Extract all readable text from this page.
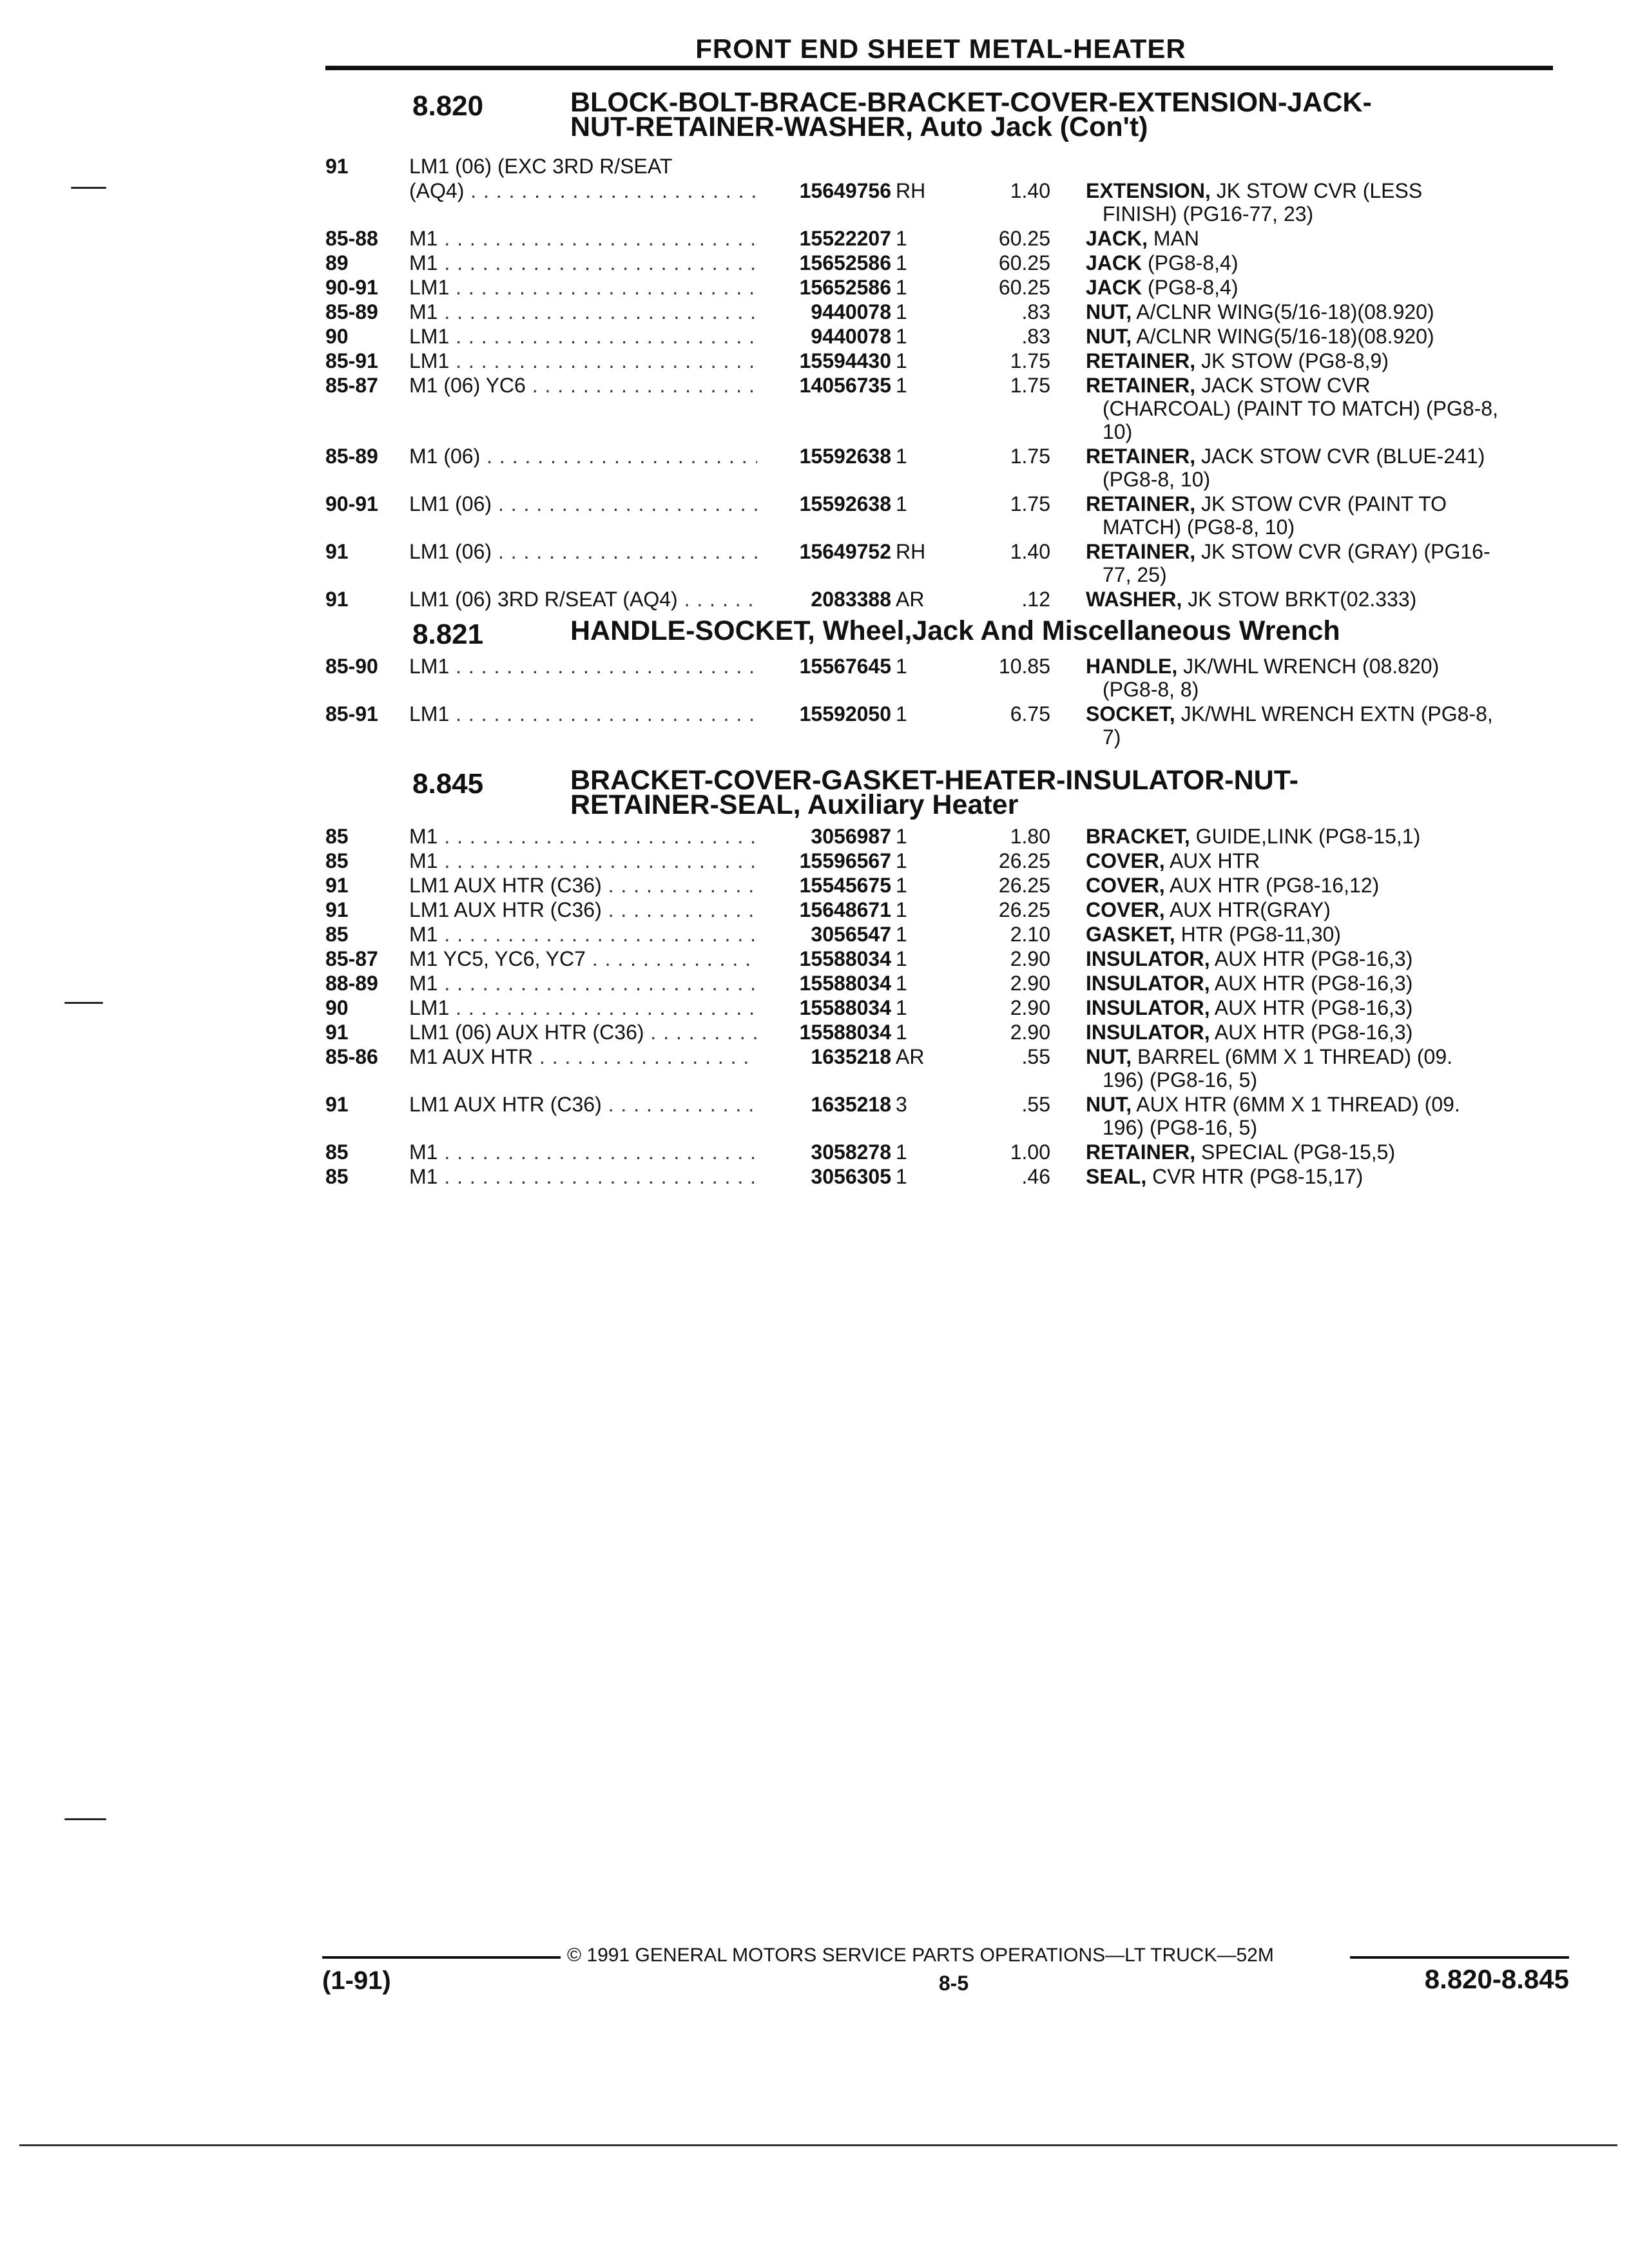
FRONT END SHEET METAL-HEATER
8.820	BLOCK-BOLT-BRACE-BRACKET-COVER-EXTENSION-JACK-
NUT-RETAINER-WASHER, Auto Jack (Con't)
91	LM1 (06) (EXC 3RD R/SEAT
(AQ4) . . .	15649756 RH	1.40 EXTENSION, JK STOW CVR (LESS
FINISH) (PG16-77, 23)
85-88	M1 . . .	15522207 1	60.25 JACK, MAN
89	M1 . . .	15652586 1	60.25 JACK (PG8-8,4)
90-91	LM1 . . .	15652586 1	60.25 JACK (PG8-8,4)
85-89	M1 . . .	9440078 1	.83 NUT, A/CLNR WING(5/16-18)(08.920)
90	LM1 . . .	9440078 1	.83 NUT, A/CLNR WING(5/16-18)(08.920)
85-91	LM1 . . .	15594430 1	1.75 RETAINER, JK STOW (PG8-8,9)
85-87	M1 (06) YC6 . . .	14056735 1	1.75 RETAINER, JACK STOW CVR
(CHARCOAL) (PAINT TO MATCH) (PG8-8,
10)
85-89	M1 (06) . . .	15592638 1	1.75 RETAINER, JACK STOW CVR (BLUE-241)
(PG8-8, 10)
90-91	LM1 (06) . . .	15592638 1	1.75 RETAINER, JK STOW CVR (PAINT TO
MATCH) (PG8-8, 10)
91	LM1 (06) . . .	15649752 RH	1.40 RETAINER, JK STOW CVR (GRAY) (PG16-
77, 25)
91	LM1 (06) 3RD R/SEAT (AQ4) . . .	2083388 AR	.12 WASHER, JK STOW BRKT(02.333)
8.821	HANDLE-SOCKET, Wheel,Jack And Miscellaneous Wrench
85-90	LM1 . . .	15567645 1	10.85 HANDLE, JK/WHL WRENCH (08.820)
(PG8-8, 8)
85-91	LM1 . . .	15592050 1	6.75 SOCKET, JK/WHL WRENCH EXTN (PG8-8,
7)
8.845	BRACKET-COVER-GASKET-HEATER-INSULATOR-NUT-
RETAINER-SEAL, Auxiliary Heater
85	M1 . . .	3056987 1	1.80 BRACKET, GUIDE,LINK (PG8-15,1)
85	M1 . . .	15596567 1	26.25 COVER, AUX HTR
91	LM1 AUX HTR (C36) . . .	15545675 1	26.25 COVER, AUX HTR (PG8-16,12)
91	LM1 AUX HTR (C36) . . .	15648671 1	26.25 COVER, AUX HTR(GRAY)
85	M1 . . .	3056547 1	2.10 GASKET, HTR (PG8-11,30)
85-87	M1 YC5, YC6, YC7 . . .	15588034 1	2.90 INSULATOR, AUX HTR (PG8-16,3)
88-89	M1 . . .	15588034 1	2.90 INSULATOR, AUX HTR (PG8-16,3)
90	LM1 . . .	15588034 1	2.90 INSULATOR, AUX HTR (PG8-16,3)
91	LM1 (06) AUX HTR (C36) . . .	15588034 1	2.90 INSULATOR, AUX HTR (PG8-16,3)
85-86	M1 AUX HTR . . .	1635218 AR	.55 NUT, BARREL (6MM X 1 THREAD) (09.
196) (PG8-16, 5)
91	LM1 AUX HTR (C36) . . .	1635218 3	.55 NUT, AUX HTR (6MM X 1 THREAD) (09.
196) (PG8-16, 5)
85	M1 . . .	3058278 1	1.00 RETAINER, SPECIAL (PG8-15,5)
85	M1 . . .	3056305 1	.46 SEAL, CVR HTR (PG8-15,17)
© 1991 GENERAL MOTORS SERVICE PARTS OPERATIONS—LT TRUCK—52M
(1-91)	8-5	8.820-8.845
